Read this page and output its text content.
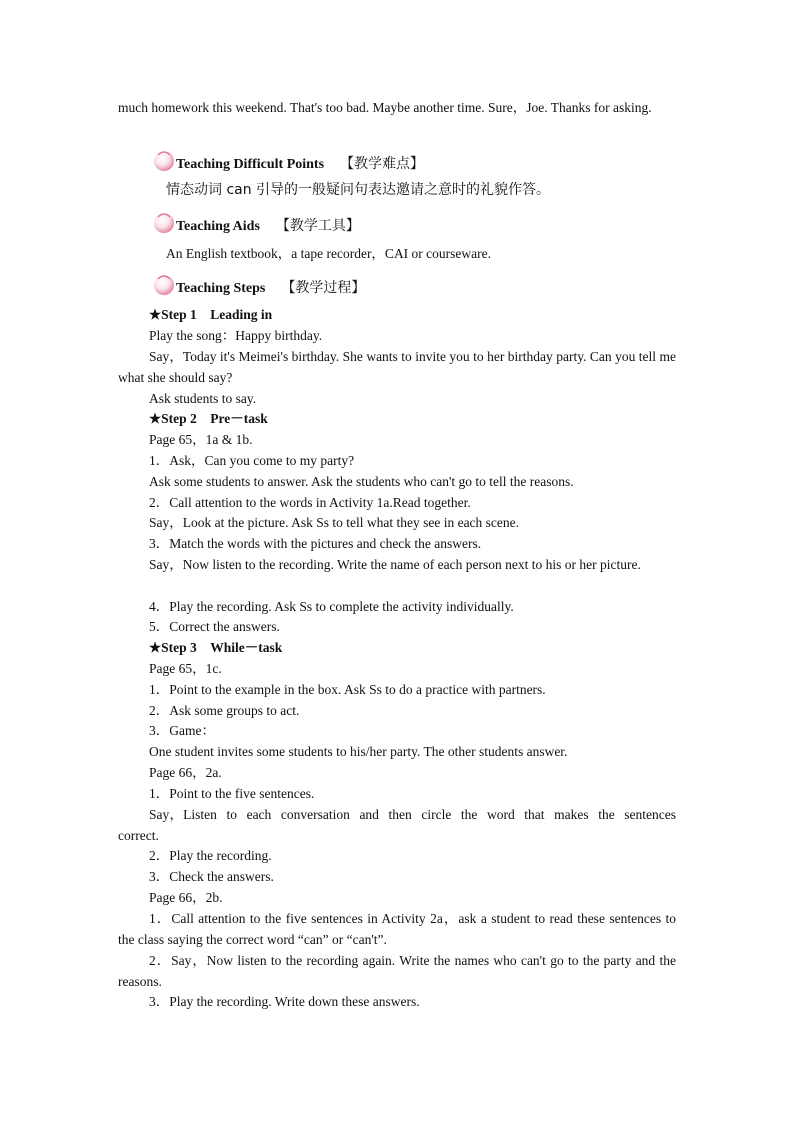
much homework this weekend. That's too bad. Maybe another time. Sure，Joe. Thanks for asking.
Teaching Difficult Points 【教学难点】
情态动词 can 引导的一般疑问句表达邀请之意时的礼貌作答。
Teaching Aids 【教学工具】
An English textbook，a tape recorder，CAI or courseware.
Teaching Steps 【教学过程】
★Step 1　Leading in
Play the song：Happy birthday.
Say，Today it's Meimei's birthday. She wants to invite you to her birthday party. Can you tell me what she should say?
Ask students to say.
★Step 2　Pre－task
Page 65，1a & 1b.
1．Ask，Can you come to my party?
Ask some students to answer. Ask the students who can't go to tell the reasons.
2．Call attention to the words in Activity 1a.Read together.
Say，Look at the picture. Ask Ss to tell what they see in each scene.
3．Match the words with the pictures and check the answers.
Say，Now listen to the recording. Write the name of each person next to his or her picture.
4．Play the recording. Ask Ss to complete the activity individually.
5．Correct the answers.
★Step 3　While－task
Page 65，1c.
1．Point to the example in the box. Ask Ss to do a practice with partners.
2．Ask some groups to act.
3．Game：
One student invites some students to his/her party. The other students answer.
Page 66，2a.
1．Point to the five sentences.
Say，Listen to each conversation and then circle the word that makes the sentences correct.
2．Play the recording.
3．Check the answers.
Page 66，2b.
1．Call attention to the five sentences in Activity 2a，ask a student to read these sentences to the class saying the correct word “can” or “can't”.
2．Say，Now listen to the recording again. Write the names who can't go to the party and the reasons.
3．Play the recording. Write down these answers.
